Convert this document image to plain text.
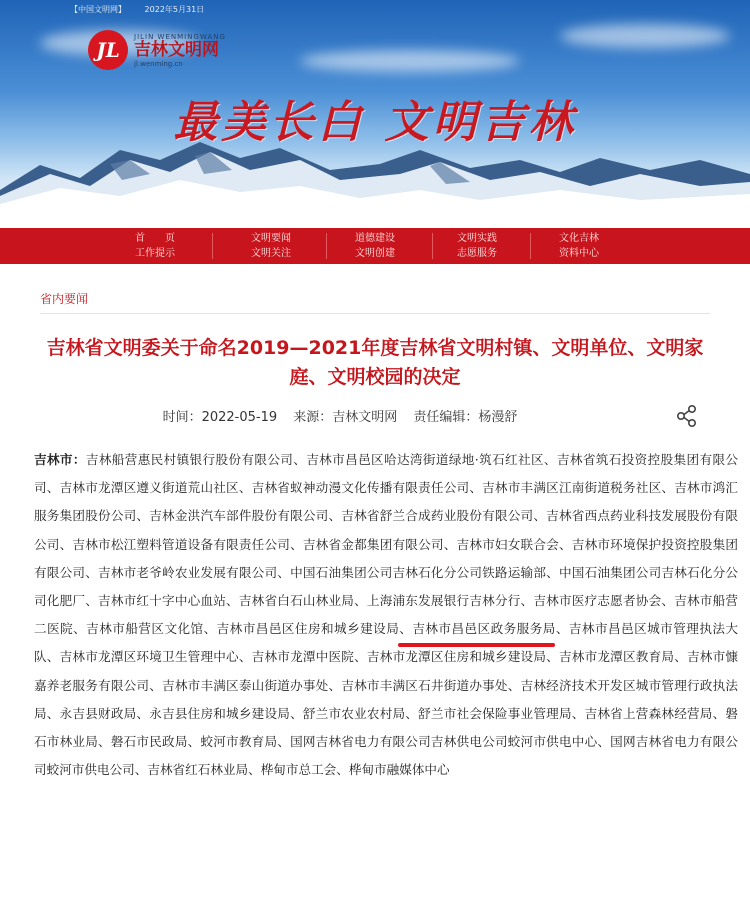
【中国文明网】 2022年5月31日
JL
JILIN WENMINGWANG
吉林文明网
jl.wenming.cn
最美长白 文明吉林
首　　页
工作提示
文明要闻
文明关注
道德建设
文明创建
文明实践
志愿服务
文化吉林
资料中心
省内要闻
吉林省文明委关于命名2019—2021年度吉林省文明村镇、文明单位、文明家庭、文明校园的决定
时间：2022-05-19 来源：吉林文明网 责任编辑：杨漫舒
吉林市：吉林船营惠民村镇银行股份有限公司、吉林市昌邑区哈达湾街道绿地·筑石红社区、吉林省筑石投资控股集团有限公司、吉林市龙潭区遵义街道荒山社区、吉林省蚁神动漫文化传播有限责任公司、吉林市丰满区江南街道税务社区、吉林市鸿汇服务集团股份公司、吉林金洪汽车部件股份有限公司、吉林省舒兰合成药业股份有限公司、吉林省西点药业科技发展股份有限公司、吉林市松江塑料管道设备有限责任公司、吉林省金都集团有限公司、吉林市妇女联合会、吉林市环境保护投资控股集团有限公司、吉林市老爷岭农业发展有限公司、中国石油集团公司吉林石化分公司铁路运输部、中国石油集团公司吉林石化分公司化肥厂、吉林市红十字中心血站、吉林省白石山林业局、上海浦东发展银行吉林分行、吉林市医疗志愿者协会、吉林市船营二医院、吉林市船营区文化馆、吉林市昌邑区住房和城乡建设局、吉林市昌邑区政务服务局、吉林市昌邑区城市管理执法大队、吉林市龙潭区环境卫生管理中心、吉林市龙潭中医院、吉林市龙潭区住房和城乡建设局、吉林市龙潭区教育局、吉林市慷嘉养老服务有限公司、吉林市丰满区泰山街道办事处、吉林市丰满区石井街道办事处、吉林经济技术开发区城市管理行政执法局、永吉县财政局、永吉县住房和城乡建设局、舒兰市农业农村局、舒兰市社会保险事业管理局、吉林省上营森林经营局、磐石市林业局、磐石市民政局、蛟河市教育局、国网吉林省电力有限公司吉林供电公司蛟河市供电中心、国网吉林省电力有限公司蛟河市供电公司、吉林省红石林业局、桦甸市总工会、桦甸市融媒体中心
